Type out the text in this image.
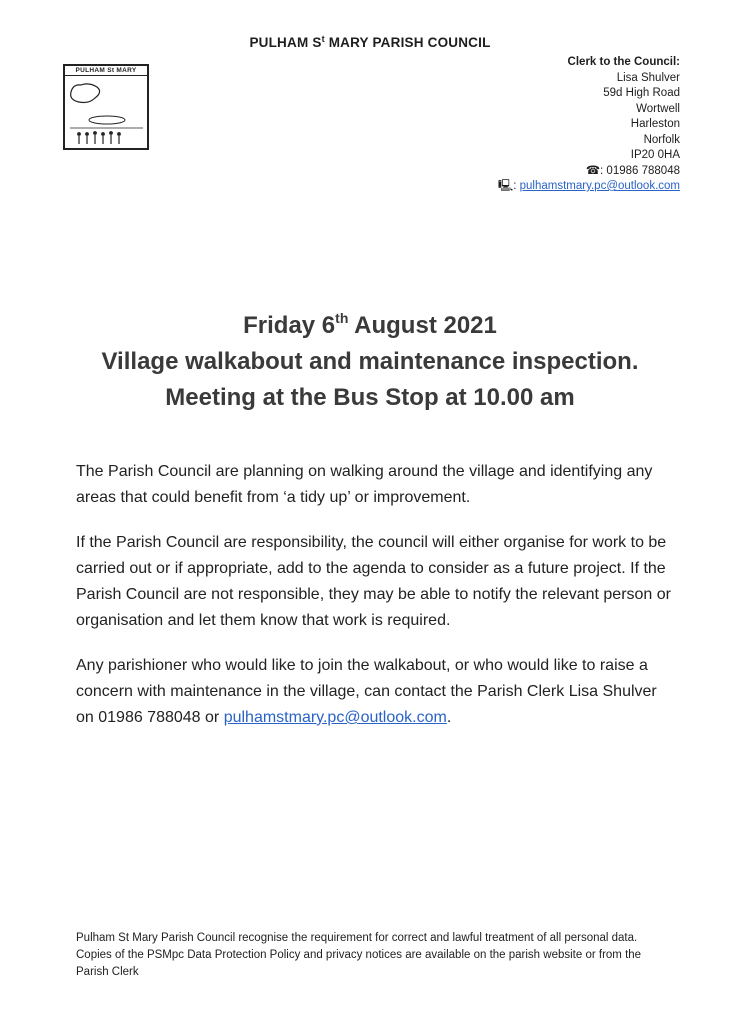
PULHAM $S^t$ MARY PARISH COUNCIL
PULHAM St MARY
Clerk to the Council:
Lisa Shulver
59d High Road
Wortwell
Harleston
Norfolk
IP20 0HA
☎: 01986 788048
🖳: pulhamstmary.pc@outlook.com
Friday 6th August 2021
Village walkabout and maintenance inspection.
Meeting at the Bus Stop at 10.00 am

The Parish Council are planning on walking around the village and identifying any areas that could benefit from ‘a tidy up’ or improvement.

If the Parish Council are responsibility, the council will either organise for work to be carried out or if appropriate, add to the agenda to consider as a future project. If the Parish Council are not responsible, they may be able to notify the relevant person or organisation and let them know that work is required.

Any parishioner who would like to join the walkabout, or who would like to raise a concern with maintenance in the village, can contact the Parish Clerk Lisa Shulver on 01986 788048 or pulhamstmary.pc@outlook.com.

Pulham St Mary Parish Council recognise the requirement for correct and lawful treatment of all personal data. Copies of the PSMpc Data Protection Policy and privacy notices are available on the parish website or from the Parish Clerk
